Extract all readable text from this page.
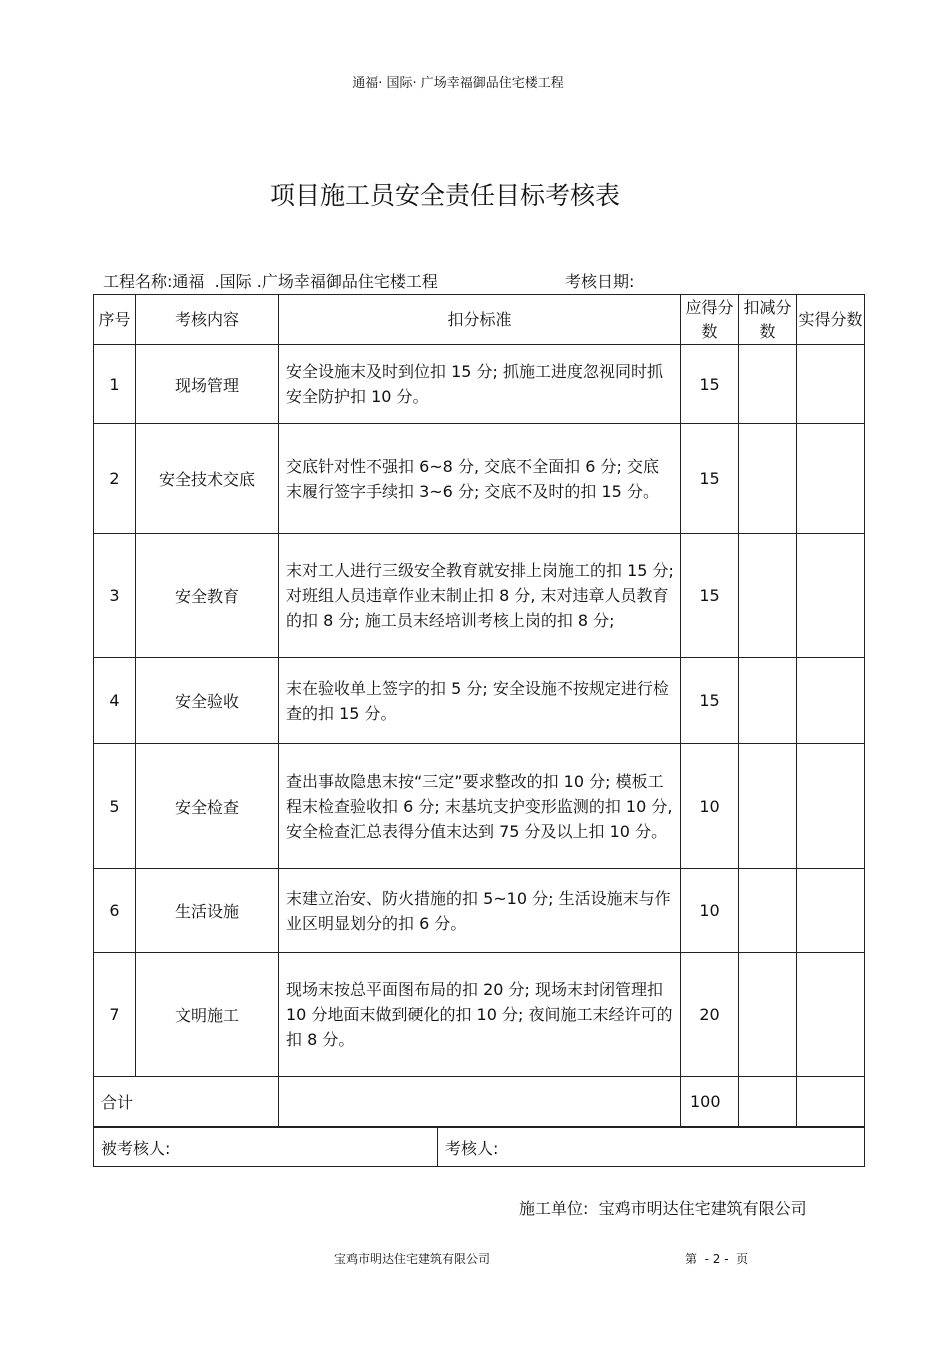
通福· 国际· 广场幸福御品住宅楼工程
项目施工员安全责任目标考核表
工程名称:通福  .国际 .广场幸福御品住宅楼工程	考核日期:
序号	考核内容	扣分标准	应得分数	扣减分数	实得分数
1	现场管理	安全设施末及时到位扣 15 分; 抓施工进度忽视同时抓安全防护扣 10 分。	15		
2	安全技术交底	交底针对性不强扣 6~8 分, 交底不全面扣 6 分; 交底末履行签字手续扣 3~6 分; 交底不及时的扣 15 分。	15		
3	安全教育	末对工人进行三级安全教育就安排上岗施工的扣 15 分; 对班组人员违章作业末制止扣 8 分, 末对违章人员教育的扣 8 分; 施工员末经培训考核上岗的扣 8 分;	15		
4	安全验收	末在验收单上签字的扣 5 分; 安全设施不按规定进行检查的扣 15 分。	15		
5	安全检查	查出事故隐患末按“三定”要求整改的扣 10 分; 模板工程末检查验收扣 6 分; 末基坑支护变形监测的扣 10 分, 安全检查汇总表得分值末达到 75 分及以上扣 10 分。	10		
6	生活设施	末建立治安、防火措施的扣 5~10 分; 生活设施末与作业区明显划分的扣 6 分。	10		
7	文明施工	现场末按总平面图布局的扣 20 分; 现场末封闭管理扣 10 分地面末做到硬化的扣 10 分; 夜间施工末经许可的扣 8 分。	20		
合计			100		
被考核人:	考核人:
施工单位:  宝鸡市明达住宅建筑有限公司
宝鸡市明达住宅建筑有限公司	第  - 2 -  页
